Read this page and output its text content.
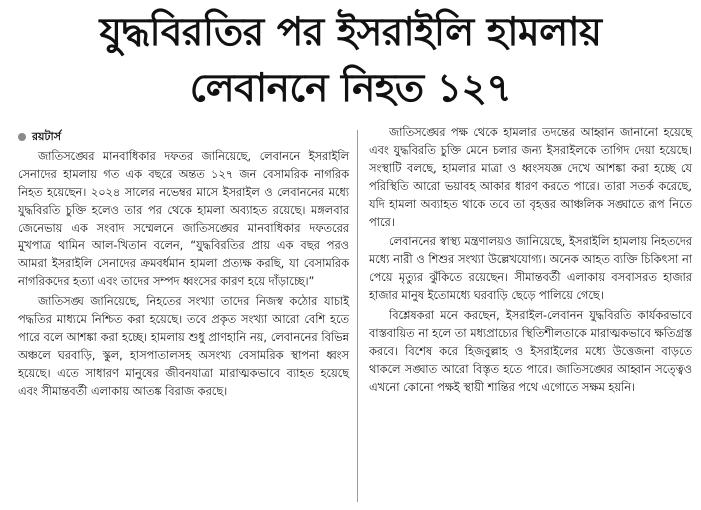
যুদ্ধবিরতির পর ইসরাইলি হামলায়
লেবাননে নিহত ১২৭
রয়টার্স

জাতিসঙ্ঘের মানবাধিকার দফতর জানিয়েছে, লেবাননে ইসরাইলি সেনাদের হামলায় গত এক বছরে অন্তত ১২৭ জন বেসামরিক নাগরিক নিহত হয়েছেন। ২০২৪ সালের নভেম্বর মাসে ইসরাইল ও লেবাননের মধ্যে যুদ্ধবিরতি চুক্তি হলেও তার পর থেকে হামলা অব্যাহত রয়েছে। মঙ্গলবার জেনেভায় এক সংবাদ সম্মেলনে জাতিসঙ্ঘের মানবাধিকার দফতরের মুখপাত্র থামিন আল-খিতান বলেন, “যুদ্ধবিরতির প্রায় এক বছর পরও আমরা ইসরাইলি সেনাদের ক্রমবর্ধমান হামলা প্রত্যক্ষ করছি, যা বেসামরিক নাগরিকদের হত্যা এবং তাদের সম্পদ ধ্বংসের কারণ হয়ে দাঁড়াচ্ছে।”

জাতিসঙ্ঘ জানিয়েছে, নিহতের সংখ্যা তাদের নিজস্ব কঠোর যাচাই পদ্ধতির মাধ্যমে নিশ্চিত করা হয়েছে। তবে প্রকৃত সংখ্যা আরো বেশি হতে পারে বলে আশঙ্কা করা হচ্ছে। হামলায় শুধু প্রাণহানি নয়, লেবাননের বিভিন্ন অঞ্চলে ঘরবাড়ি, স্কুল, হাসপাতালসহ অসংখ্য বেসামরিক স্থাপনা ধ্বংস হয়েছে। এতে সাধারণ মানুষের জীবনযাত্রা মারাত্মকভাবে ব্যাহত হয়েছে এবং সীমান্তবর্তী এলাকায় আতঙ্ক বিরাজ করছে।

জাতিসঙ্ঘের পক্ষ থেকে হামলার তদন্তের আহ্বান জানানো হয়েছে এবং যুদ্ধবিরতি চুক্তি মেনে চলার জন্য ইসরাইলকে তাগিদ দেয়া হয়েছে। সংস্থাটি বলছে, হামলার মাত্রা ও ধ্বংসযজ্ঞ দেখে আশঙ্কা করা হচ্ছে যে পরিস্থিতি আরো ভয়াবহ আকার ধারণ করতে পারে। তারা সতর্ক করেছে, যদি হামলা অব্যাহত থাকে তবে তা বৃহত্তর আঞ্চলিক সঙ্ঘাতে রূপ নিতে পারে।

লেবাননের স্বাস্থ্য মন্ত্রণালয়ও জানিয়েছে, ইসরাইলি হামলায় নিহতদের মধ্যে নারী ও শিশুর সংখ্যা উল্লেখযোগ্য। অনেক আহত ব্যক্তি চিকিৎসা না পেয়ে মৃত্যুর ঝুঁকিতে রয়েছেন। সীমান্তবর্তী এলাকায় বসবাসরত হাজার হাজার মানুষ ইতোমধ্যে ঘরবাড়ি ছেড়ে পালিয়ে গেছে।

বিশ্লেষকরা মনে করছেন, ইসরাইল-লেবানন যুদ্ধবিরতি কার্যকরভাবে বাস্তবায়িত না হলে তা মধ্যপ্রাচ্যের স্থিতিশীলতাকে মারাত্মকভাবে ক্ষতিগ্রস্ত করবে। বিশেষ করে হিজবুল্লাহ ও ইসরাইলের মধ্যে উত্তেজনা বাড়তে থাকলে সঙ্ঘাত আরো বিস্তৃত হতে পারে। জাতিসঙ্ঘের আহ্বান সত্ত্বেও এখনো কোনো পক্ষই স্থায়ী শান্তির পথে এগোতে সক্ষম হয়নি।
